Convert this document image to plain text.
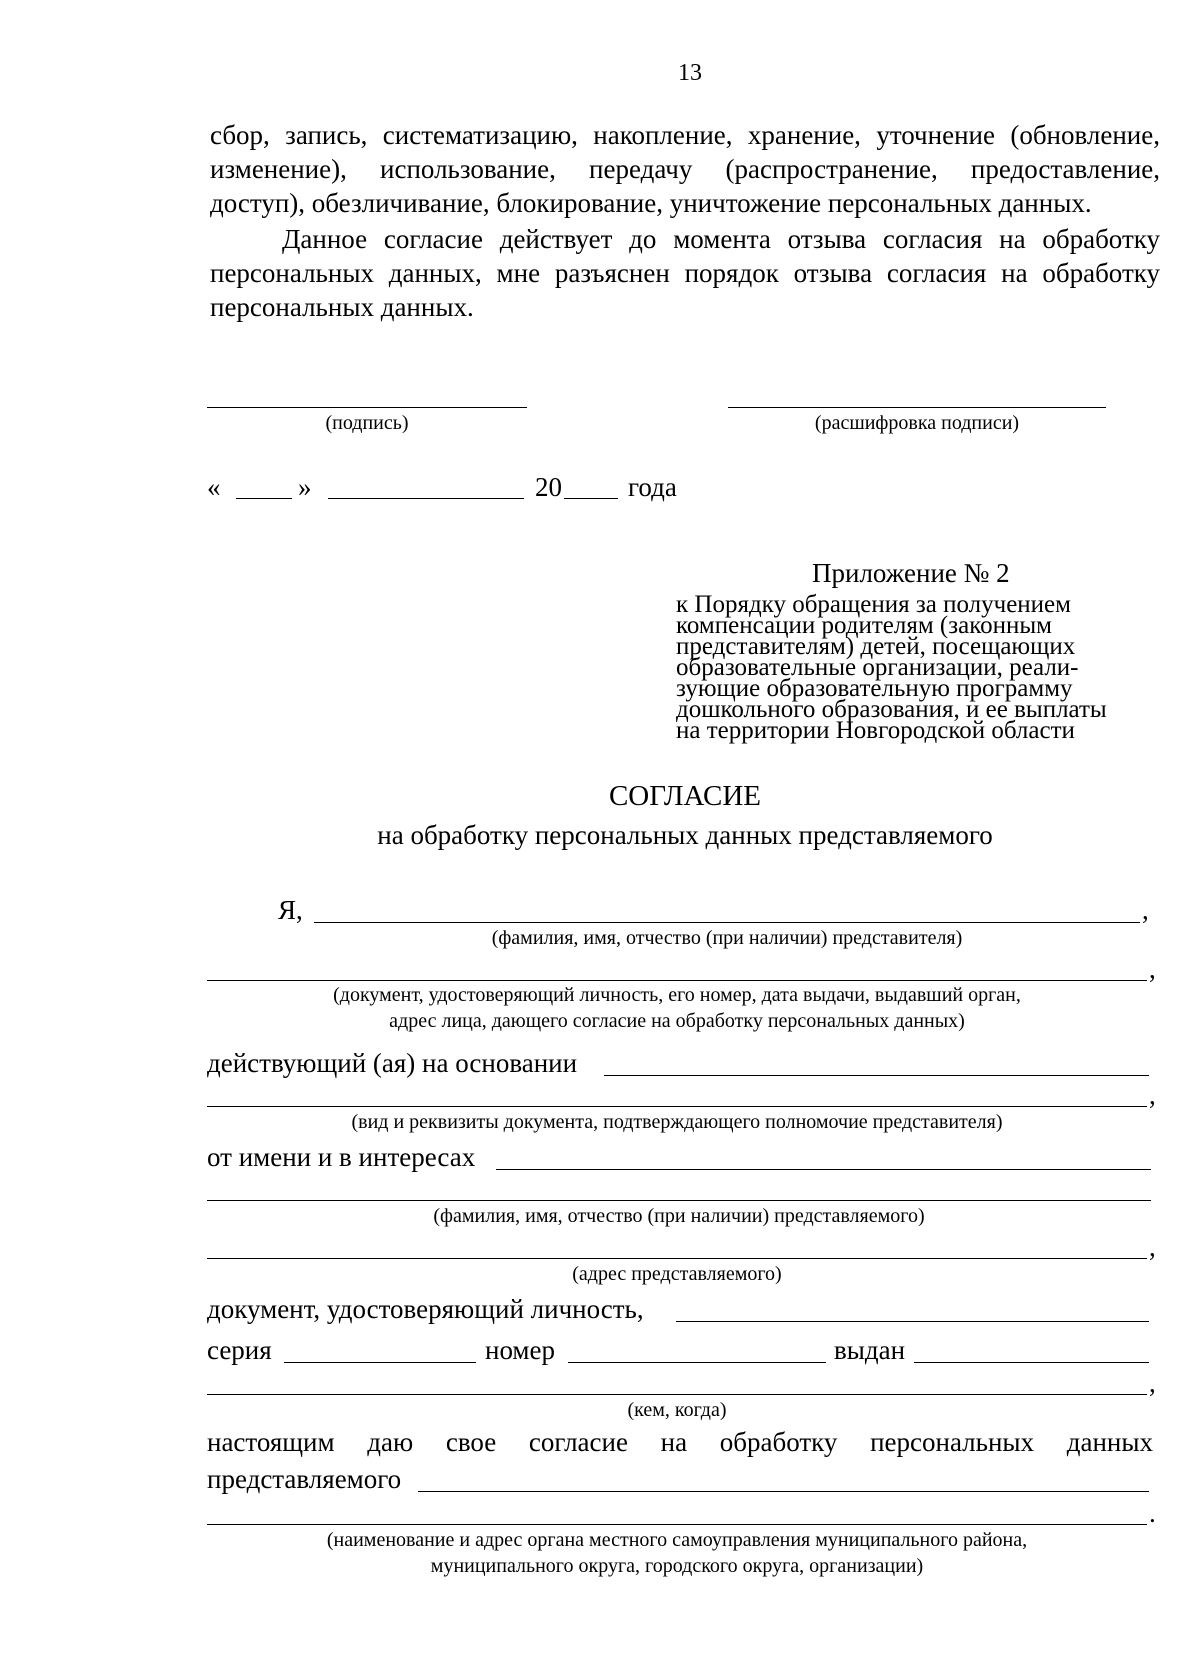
13
сбор, запись, систематизацию, накопление, хранение, уточнение (обновление,
изменение), использование, передачу (распространение, предоставление,
доступ), обезличивание, блокирование, уничтожение персональных данных.
Данное согласие действует до момента отзыва согласия на обработку
персональных данных, мне разъяснен порядок отзыва согласия на обработку
персональных данных.
(подпись)	(расшифровка подписи)
«	»	20 года
Приложение № 2
к Порядку обращения за получением
компенсации родителям (законным
представителям) детей, посещающих
образовательные организации, реали-
зующие образовательную программу
дошкольного образования, и ее выплаты
на территории Новгородской области
СОГЛАСИЕ
на обработку персональных данных представляемого
Я,	,
(фамилия, имя, отчество (при наличии) представителя)
,
(документ, удостоверяющий личность, его номер, дата выдачи, выдавший орган,
адрес лица, дающего согласие на обработку персональных данных)
действующий (ая) на основании
,
(вид и реквизиты документа, подтверждающего полномочие представителя)
от имени и в интересах
(фамилия, имя, отчество (при наличии) представляемого)
,
(адрес представляемого)
документ, удостоверяющий личность,
серия	номер	выдан
,
(кем, когда)
настоящим даю свое согласие на обработку персональных данных
представляемого
.
(наименование и адрес органа местного самоуправления муниципального района,
муниципального округа, городского округа, организации)
